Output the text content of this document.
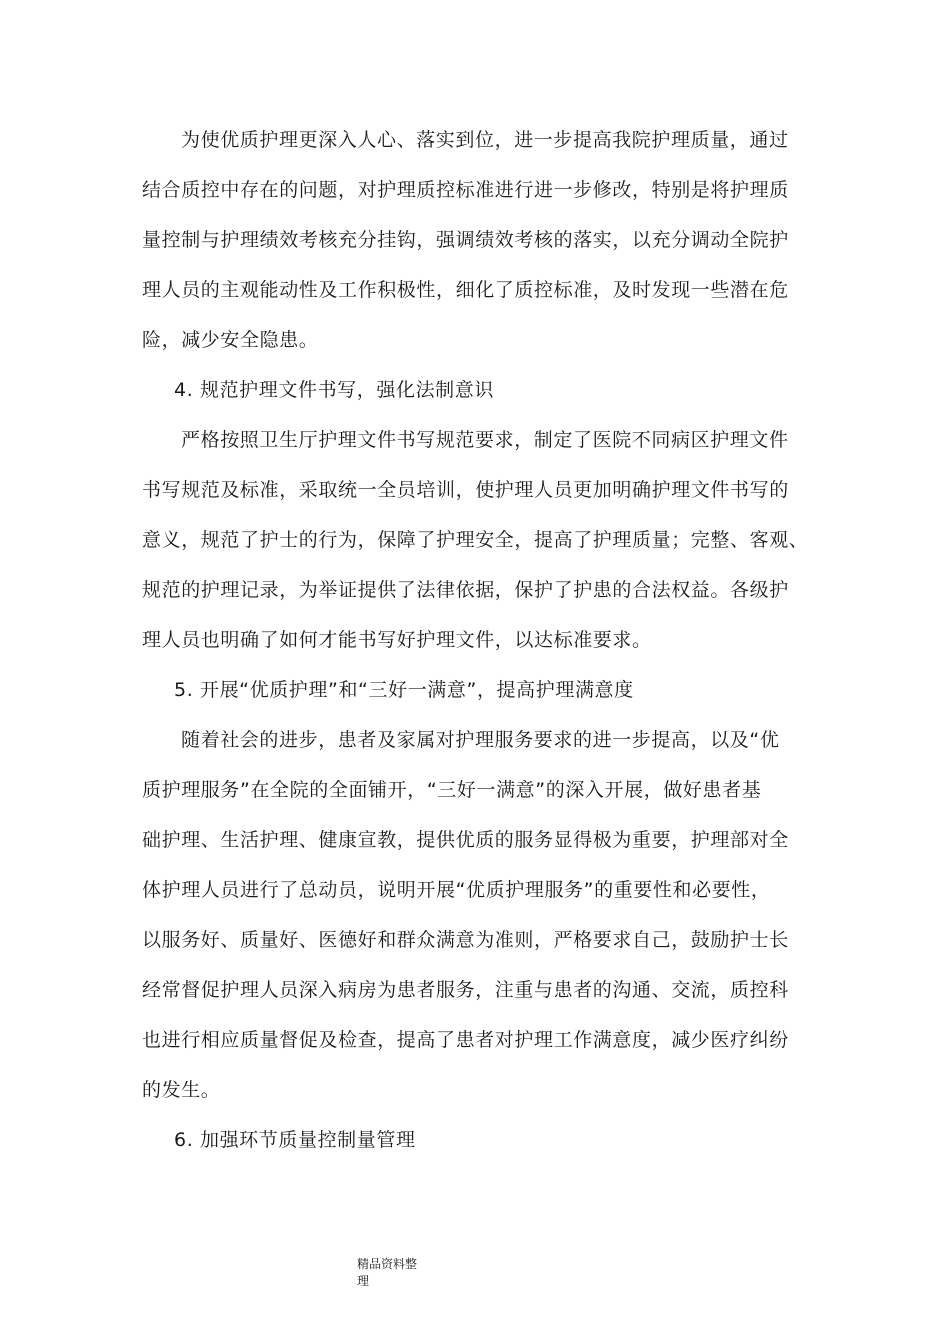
为使优质护理更深入人心、落实到位，进一步提高我院护理质量，通过
结合质控中存在的问题，对护理质控标准进行进一步修改，特别是将护理质
量控制与护理绩效考核充分挂钩，强调绩效考核的落实，以充分调动全院护
理人员的主观能动性及工作积极性，细化了质控标准，及时发现一些潜在危
险，减少安全隐患。
4. 规范护理文件书写，强化法制意识
严格按照卫生厅护理文件书写规范要求，制定了医院不同病区护理文件
书写规范及标准，采取统一全员培训，使护理人员更加明确护理文件书写的
意义，规范了护士的行为，保障了护理安全，提高了护理质量；完整、客观、
规范的护理记录，为举证提供了法律依据，保护了护患的合法权益。各级护
理人员也明确了如何才能书写好护理文件，以达标准要求。
5. 开展“优质护理”和“三好一满意”，提高护理满意度
随着社会的进步，患者及家属对护理服务要求的进一步提高，以及“优
质护理服务”在全院的全面铺开，“三好一满意”的深入开展，做好患者基
础护理、生活护理、健康宣教，提供优质的服务显得极为重要，护理部对全
体护理人员进行了总动员，说明开展“优质护理服务”的重要性和必要性，
以服务好、质量好、医德好和群众满意为准则，严格要求自己，鼓励护士长
经常督促护理人员深入病房为患者服务，注重与患者的沟通、交流，质控科
也进行相应质量督促及检查，提高了患者对护理工作满意度，减少医疗纠纷
的发生。
6. 加强环节质量控制量管理
精品资料整
理
